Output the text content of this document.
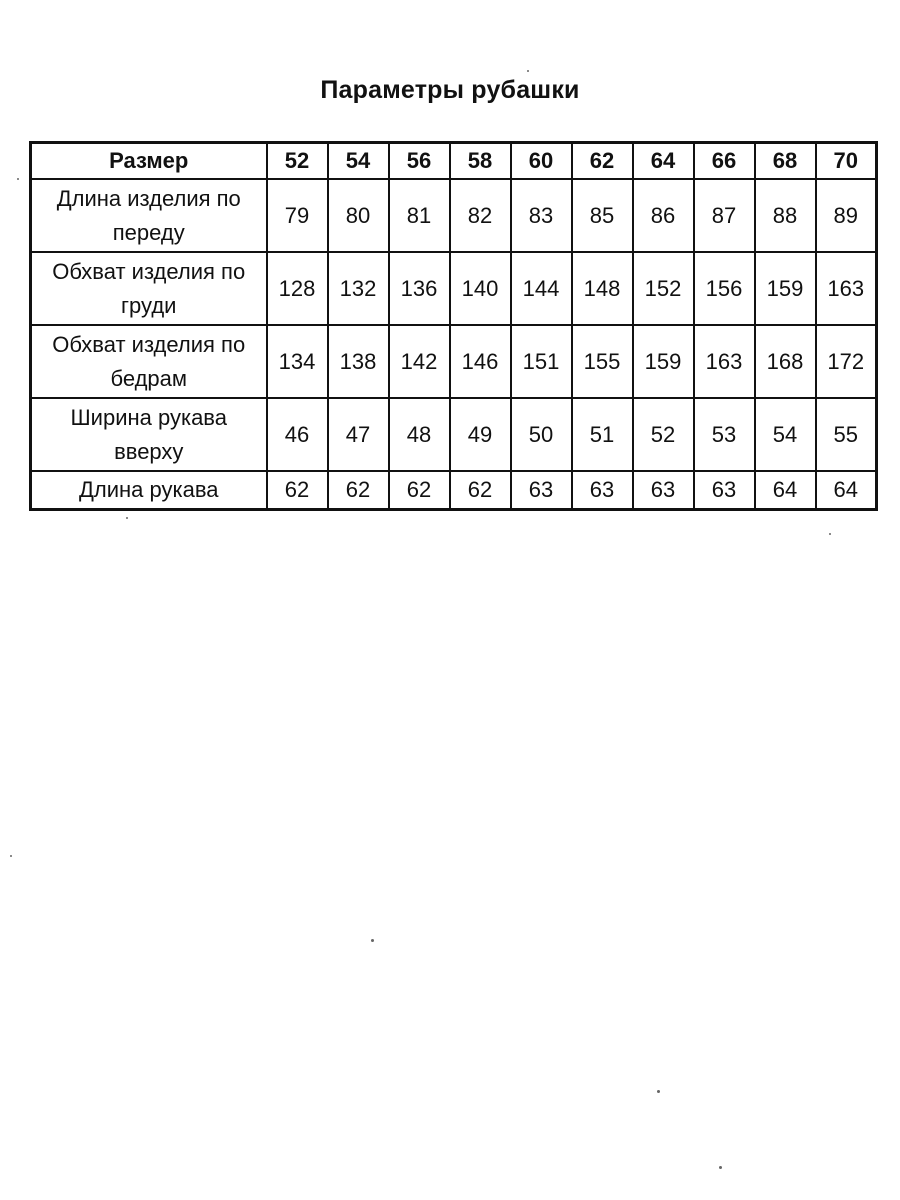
Параметры рубашки
Размер	52	54	56	58	60	62	64	66	68	70
Длина изделия по
переду	79	80	81	82	83	85	86	87	88	89
Обхват изделия по
груди	128	132	136	140	144	148	152	156	159	163
Обхват изделия по
бедрам	134	138	142	146	151	155	159	163	168	172
Ширина рукава
вверху	46	47	48	49	50	51	52	53	54	55
Длина рукава	62	62	62	62	63	63	63	63	64	64
